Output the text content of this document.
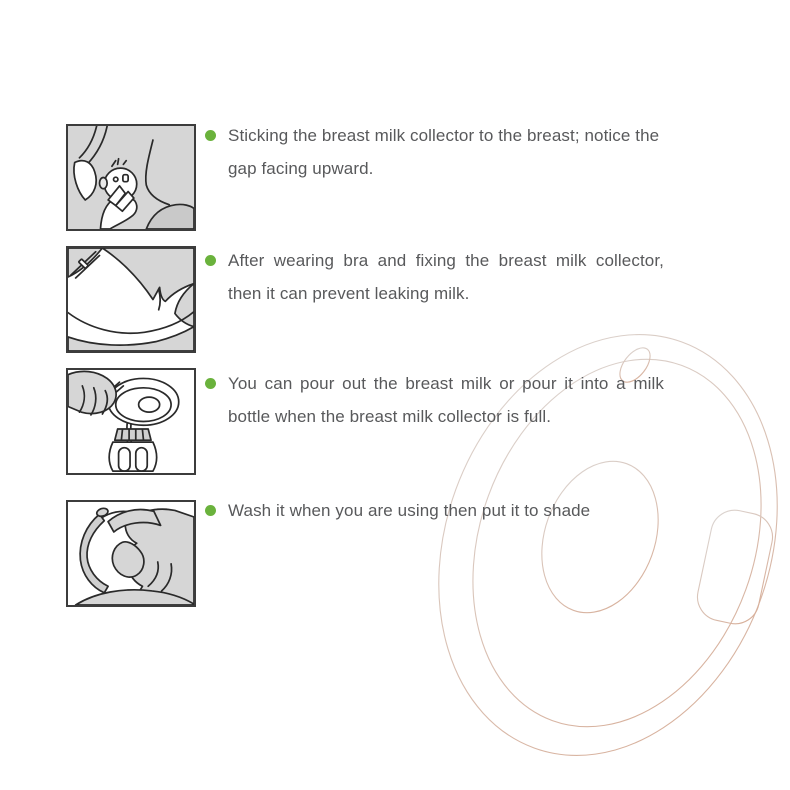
Sticking the breast milk collector to the breast; notice the gap facing upward.

After wearing bra and fixing the breast milk collector, then it can prevent leaking milk.

You can pour out the breast milk or pour it into a milk bottle when the breast milk collector is full.

Wash it when you are using then put it to shade
